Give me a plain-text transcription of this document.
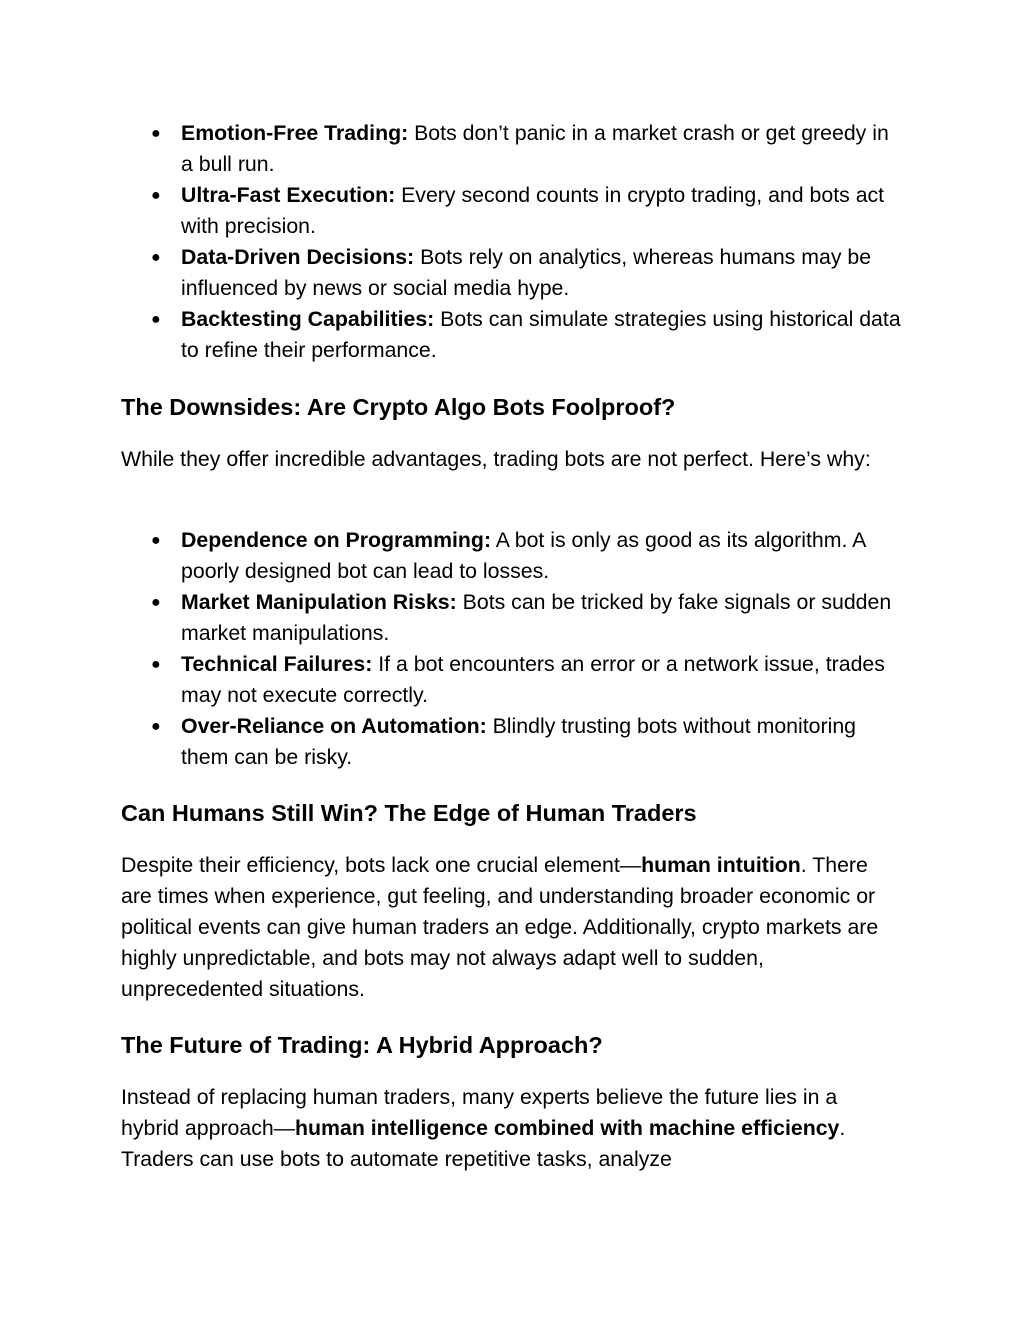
● Emotion-Free Trading: Bots don’t panic in a market crash or get greedy in a bull run.
● Ultra-Fast Execution: Every second counts in crypto trading, and bots act with precision.
● Data-Driven Decisions: Bots rely on analytics, whereas humans may be influenced by news or social media hype.
● Backtesting Capabilities: Bots can simulate strategies using historical data to refine their performance.
The Downsides: Are Crypto Algo Bots Foolproof?

While they offer incredible advantages, trading bots are not perfect. Here’s why:

● Dependence on Programming: A bot is only as good as its algorithm. A poorly designed bot can lead to losses.
● Market Manipulation Risks: Bots can be tricked by fake signals or sudden market manipulations.
● Technical Failures: If a bot encounters an error or a network issue, trades may not execute correctly.
● Over-Reliance on Automation: Blindly trusting bots without monitoring them can be risky.
Can Humans Still Win? The Edge of Human Traders

Despite their efficiency, bots lack one crucial element—human intuition. There are times when experience, gut feeling, and understanding broader economic or political events can give human traders an edge. Additionally, crypto markets are highly unpredictable, and bots may not always adapt well to sudden, unprecedented situations.

The Future of Trading: A Hybrid Approach?

Instead of replacing human traders, many experts believe the future lies in a hybrid approach—human intelligence combined with machine efficiency. Traders can use bots to automate repetitive tasks, analyze
